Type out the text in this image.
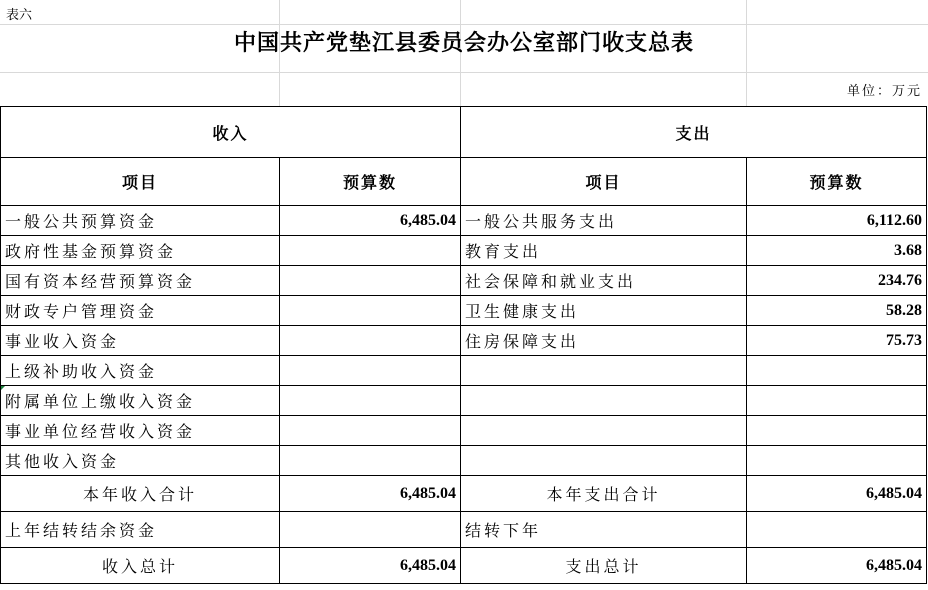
表六
中国共产党垫江县委员会办公室部门收支总表
单位：万元
收入		支出	
项目	预算数	项目	预算数
一般公共预算资金	6,485.04	一般公共服务支出	6,112.60
政府性基金预算资金		教育支出	3.68
国有资本经营预算资金		社会保障和就业支出	234.76
财政专户管理资金		卫生健康支出	58.28
事业收入资金		住房保障支出	75.73
上级补助收入资金			

附属单位上缴收入资金			
事业单位经营收入资金			
其他收入资金			
本年收入合计	6,485.04	本年支出合计	6,485.04
上年结转结余资金		结转下年	
收入总计	6,485.04	支出总计	6,485.04
